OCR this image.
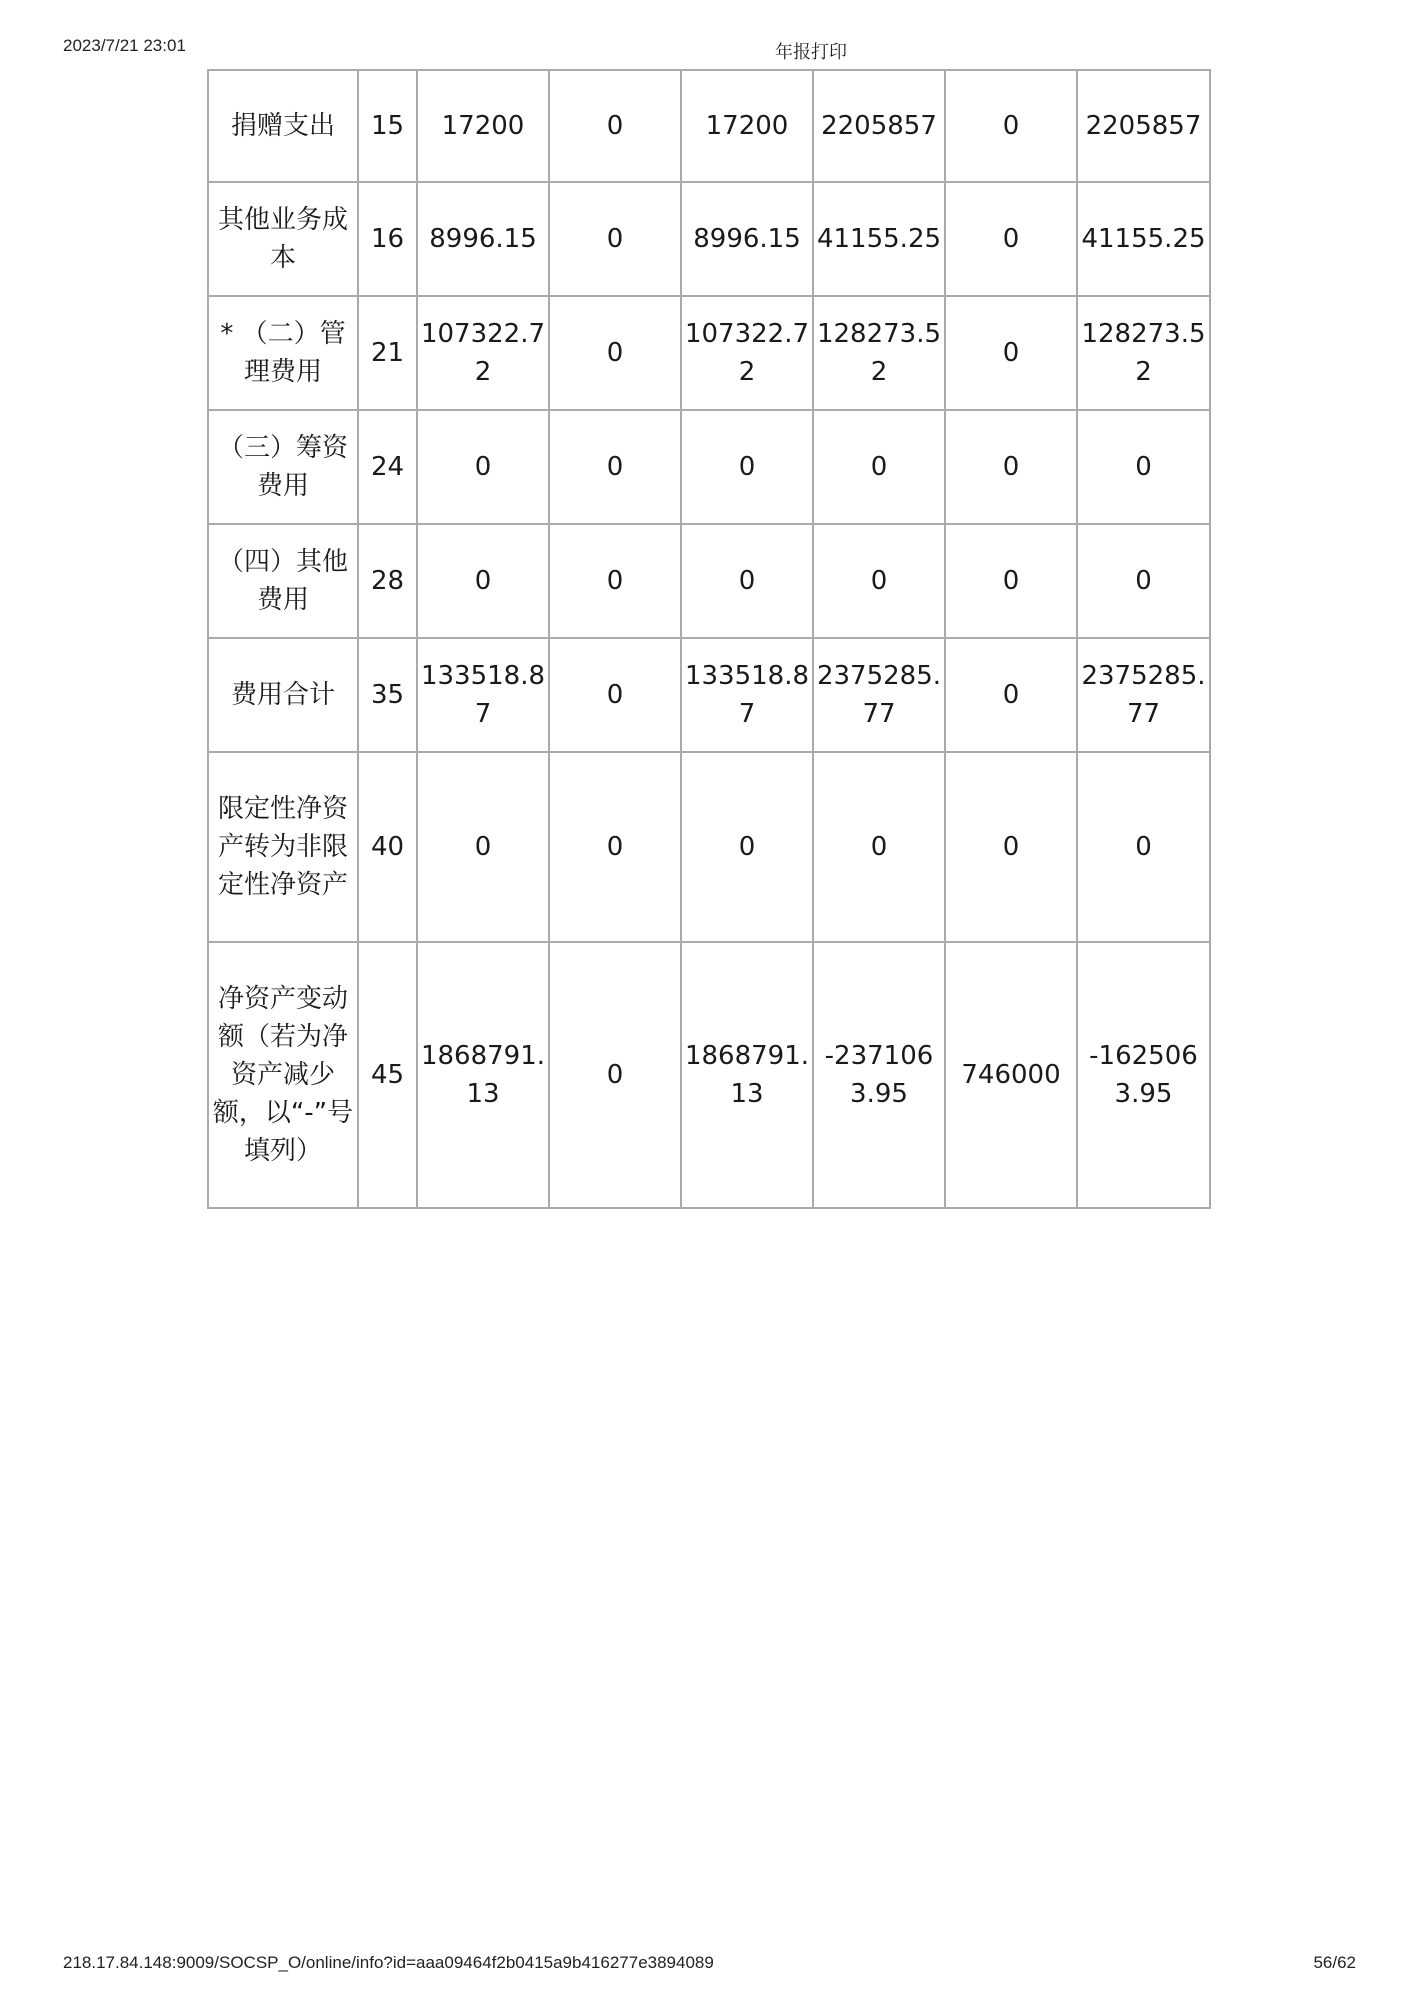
2023/7/21 23:01	年报打印
捐赠支出	15	17200	0	17200	2205857	0	2205857
其他业务成本	16	8996.15	0	8996.15	41155.25	0	41155.25
* （二）管理费用	21	107322.72	0	107322.72	128273.52	0	128273.52
（三）筹资费用	24	0	0	0	0	0	0
（四）其他费用	28	0	0	0	0	0	0
费用合计	35	133518.87	0	133518.87	2375285.77	0	2375285.77
限定性净资产转为非限定性净资产	40	0	0	0	0	0	0
净资产变动额（若为净资产减少额，以“-”号填列）	45	1868791.13	0	1868791.13	-2371063.95	746000	-1625063.95
218.17.84.148:9009/SOCSP_O/online/info?id=aaa09464f2b0415a9b416277e3894089	56/62
